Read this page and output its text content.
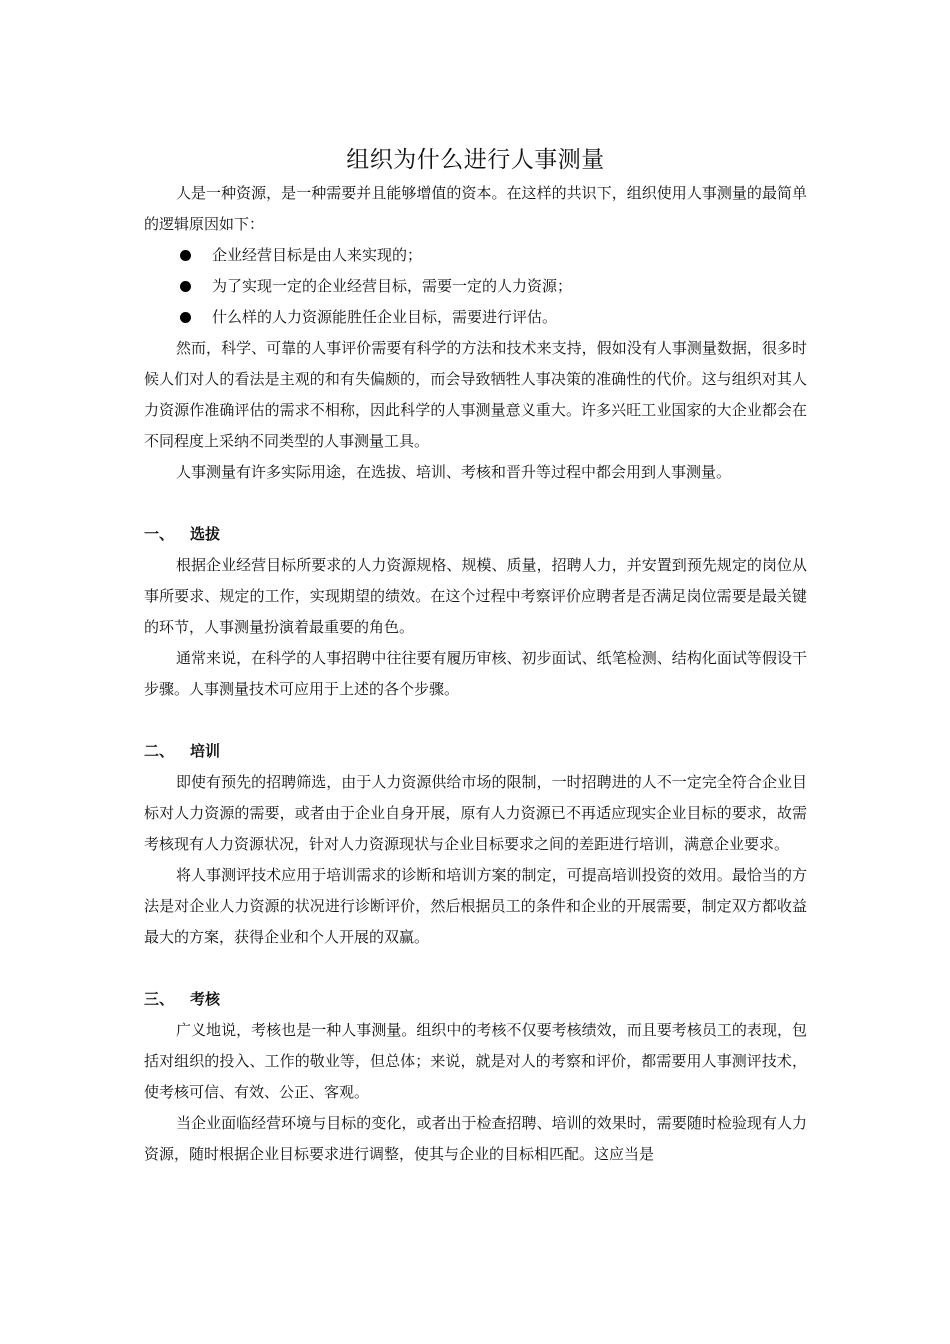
组织为什么进行人事测量

人是一种资源，是一种需要并且能够增值的资本。在这样的共识下，组织使用人事测量的最简单的逻辑原因如下：

企业经营目标是由人来实现的；
为了实现一定的企业经营目标，需要一定的人力资源；
什么样的人力资源能胜任企业目标，需要进行评估。

然而，科学、可靠的人事评价需要有科学的方法和技术来支持，假如没有人事测量数据，很多时候人们对人的看法是主观的和有失偏颇的，而会导致牺牲人事决策的准确性的代价。这与组织对其人力资源作准确评估的需求不相称，因此科学的人事测量意义重大。许多兴旺工业国家的大企业都会在不同程度上采纳不同类型的人事测量工具。

人事测量有许多实际用途，在选拔、培训、考核和晋升等过程中都会用到人事测量。

一、 选拔

根据企业经营目标所要求的人力资源规格、规模、质量，招聘人力，并安置到预先规定的岗位从事所要求、规定的工作，实现期望的绩效。在这个过程中考察评价应聘者是否满足岗位需要是最关键的环节，人事测量扮演着最重要的角色。

通常来说，在科学的人事招聘中往往要有履历审核、初步面试、纸笔检测、结构化面试等假设干步骤。人事测量技术可应用于上述的各个步骤。

二、 培训

即使有预先的招聘筛选，由于人力资源供给市场的限制，一时招聘进的人不一定完全符合企业目标对人力资源的需要，或者由于企业自身开展，原有人力资源已不再适应现实企业目标的要求，故需考核现有人力资源状况，针对人力资源现状与企业目标要求之间的差距进行培训，满意企业要求。

将人事测评技术应用于培训需求的诊断和培训方案的制定，可提高培训投资的效用。最恰当的方法是对企业人力资源的状况进行诊断评价，然后根据员工的条件和企业的开展需要，制定双方都收益最大的方案，获得企业和个人开展的双赢。

三、 考核

广义地说，考核也是一种人事测量。组织中的考核不仅要考核绩效，而且要考核员工的表现，包括对组织的投入、工作的敬业等，但总体；来说，就是对人的考察和评价，都需要用人事测评技术，使考核可信、有效、公正、客观。

当企业面临经营环境与目标的变化，或者出于检查招聘、培训的效果时，需要随时检验现有人力资源，随时根据企业目标要求进行调整，使其与企业的目标相匹配。这应当是
